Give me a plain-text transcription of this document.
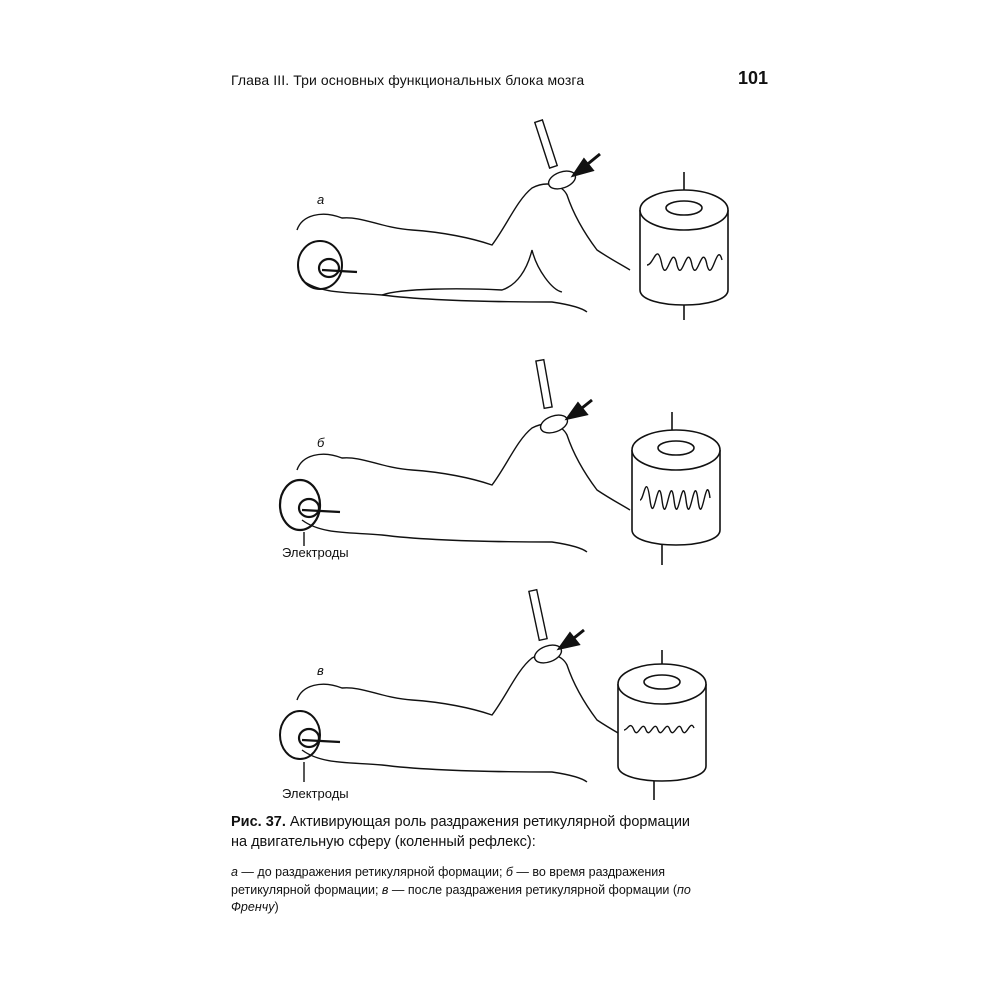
Глава III. Три основных функциональных блока мозга	101
а
б
Электроды
в
Электроды

Рис. 37. Активирующая роль раздражения ретикулярной формации на двигательную сферу (коленный рефлекс):

а — до раздражения ретикулярной формации; б — во время раздражения ретикулярной формации; в — после раздражения ретикулярной формации (по Френчу)
